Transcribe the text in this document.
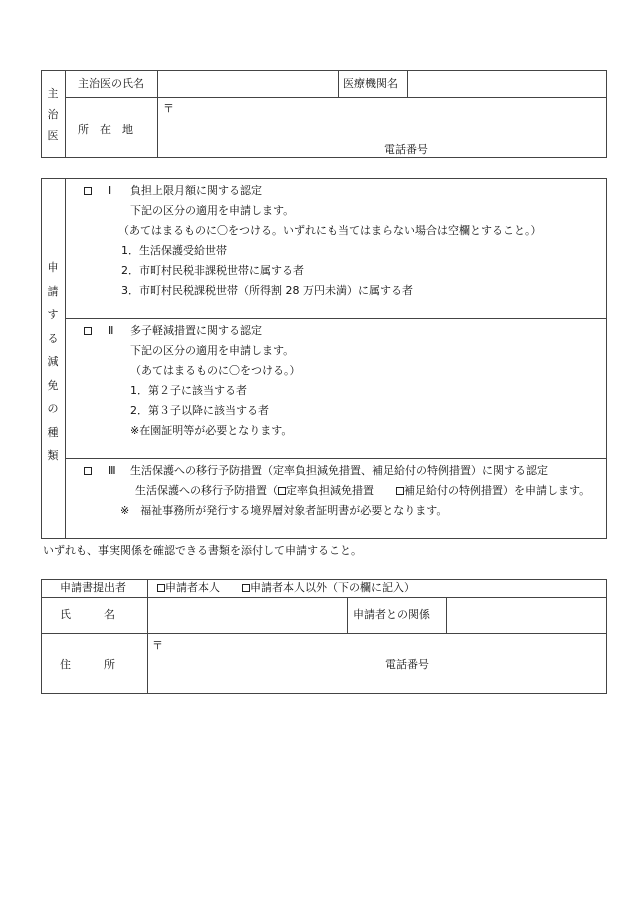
主
治
医
主治医の氏名	医療機関名
所　在　地
〒
電話番号
申
請
す
る
減
免
の
種
類
Ⅰ 負担上限月額に関する認定
下記の区分の適用を申請します。
（あてはまるものに〇をつける。いずれにも当てはまらない場合は空欄とすること。）
1．生活保護受給世帯
2．市町村民税非課税世帯に属する者
3．市町村民税課税世帯（所得割 28 万円未満）に属する者
Ⅱ 多子軽減措置に関する認定
下記の区分の適用を申請します。
（あてはまるものに〇をつける。）
1．第２子に該当する者
2．第３子以降に該当する者
※在園証明等が必要となります。
Ⅲ 生活保護への移行予防措置（定率負担減免措置、補足給付の特例措置）に関する認定
生活保護への移行予防措置（ 定率負担減免措置　　	補足給付の特例措置）を申請します。
※　福祉事務所が発行する境界層対象者証明書が必要となります。
いずれも、事実関係を確認できる書類を添付して申請すること。
申請書提出者	申請者本人　　	申請者本人以外（下の欄に記入）
氏　　　名	申請者との関係
住　　　所
〒
電話番号
